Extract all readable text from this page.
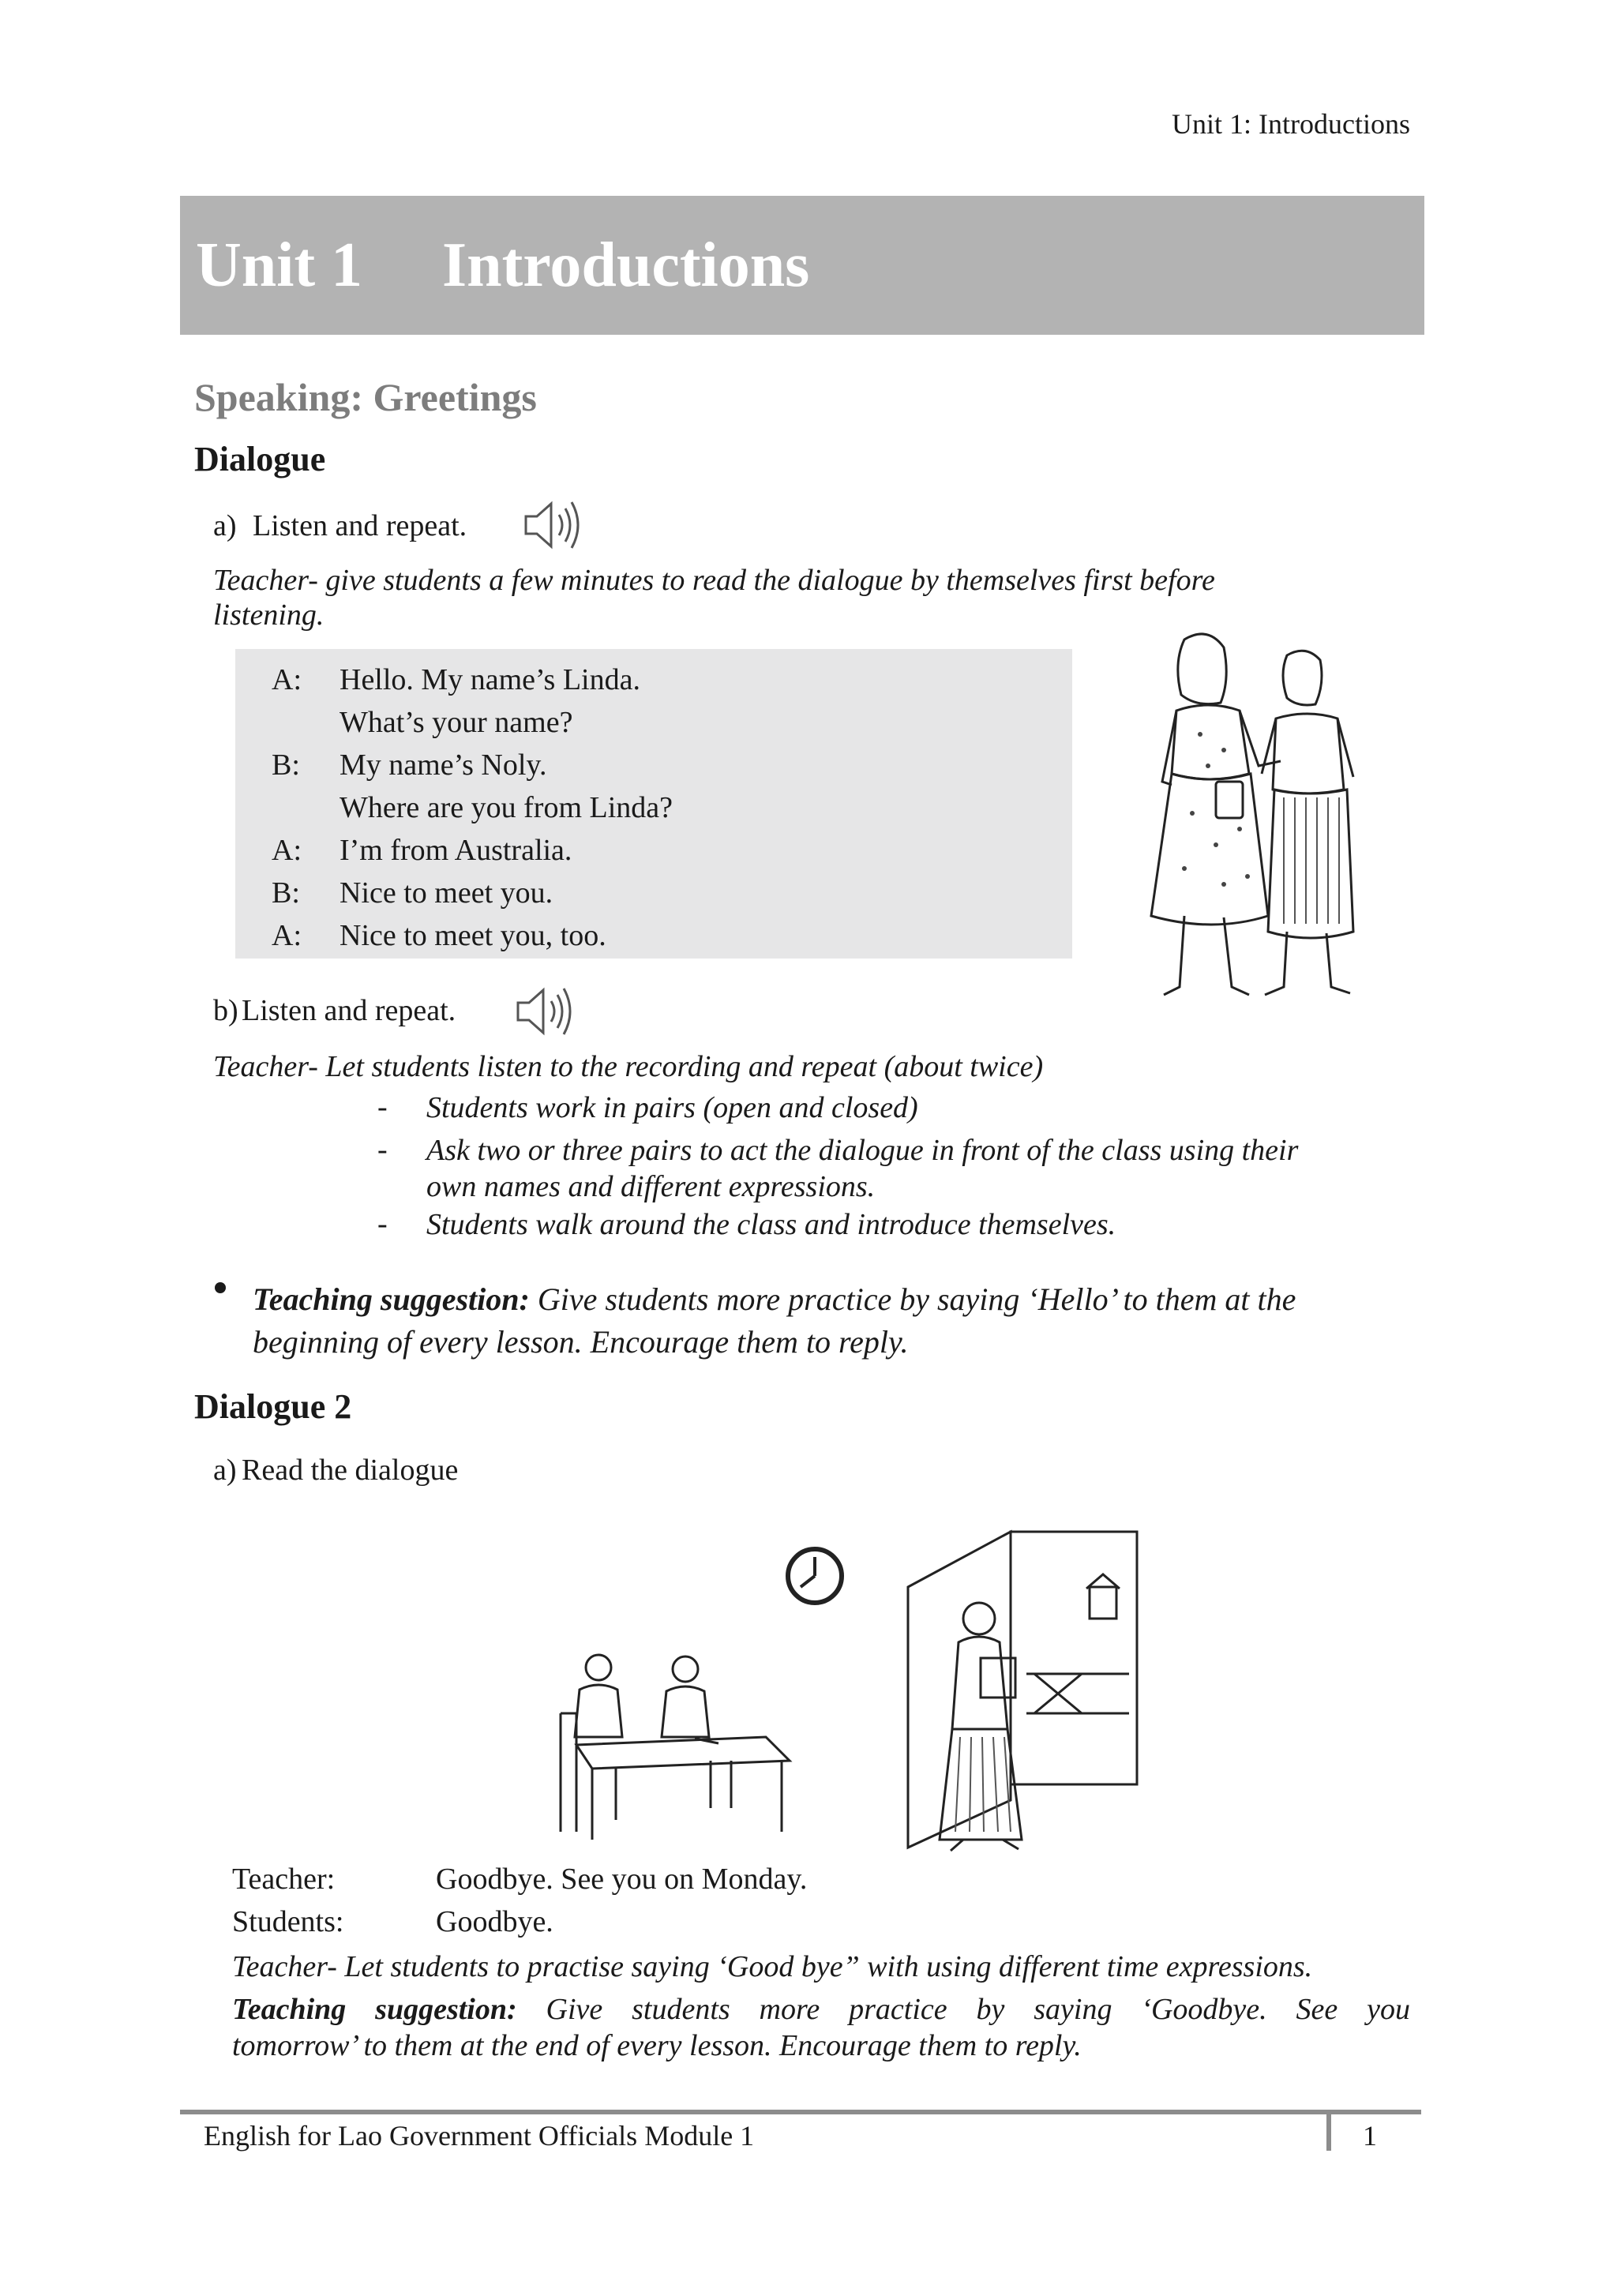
Unit 1: Introductions
Unit 1 Introductions
Speaking: Greetings
Dialogue
a) Listen and repeat.
Teacher- give students a few minutes to read the dialogue by themselves first before
listening.
A:	Hello. My name’s Linda.
What’s your name?
B:	My name’s Noly.
Where are you from Linda?
A:	I’m from Australia.
B:	Nice to meet you.
A:	Nice to meet you, too.
b) Listen and repeat.
Teacher- Let students listen to the recording and repeat (about twice)
- Students work in pairs (open and closed)
- Ask two or three pairs to act the dialogue in front of the class using their
own names and different expressions.
- Students walk around the class and introduce themselves.
Teaching suggestion: Give students more practice by saying ‘Hello’ to them at the
beginning of every lesson. Encourage them to reply.
Dialogue 2
a) Read the dialogue
Teacher:	Goodbye. See you on Monday.
Students:	Goodbye.
Teacher- Let students to practise saying ‘Good bye” with using different time expressions.
Teaching suggestion: Give students more practice by saying ‘Goodbye. See you
tomorrow’ to them at the end of every lesson. Encourage them to reply.
English for Lao Government Officials Module 1	1
